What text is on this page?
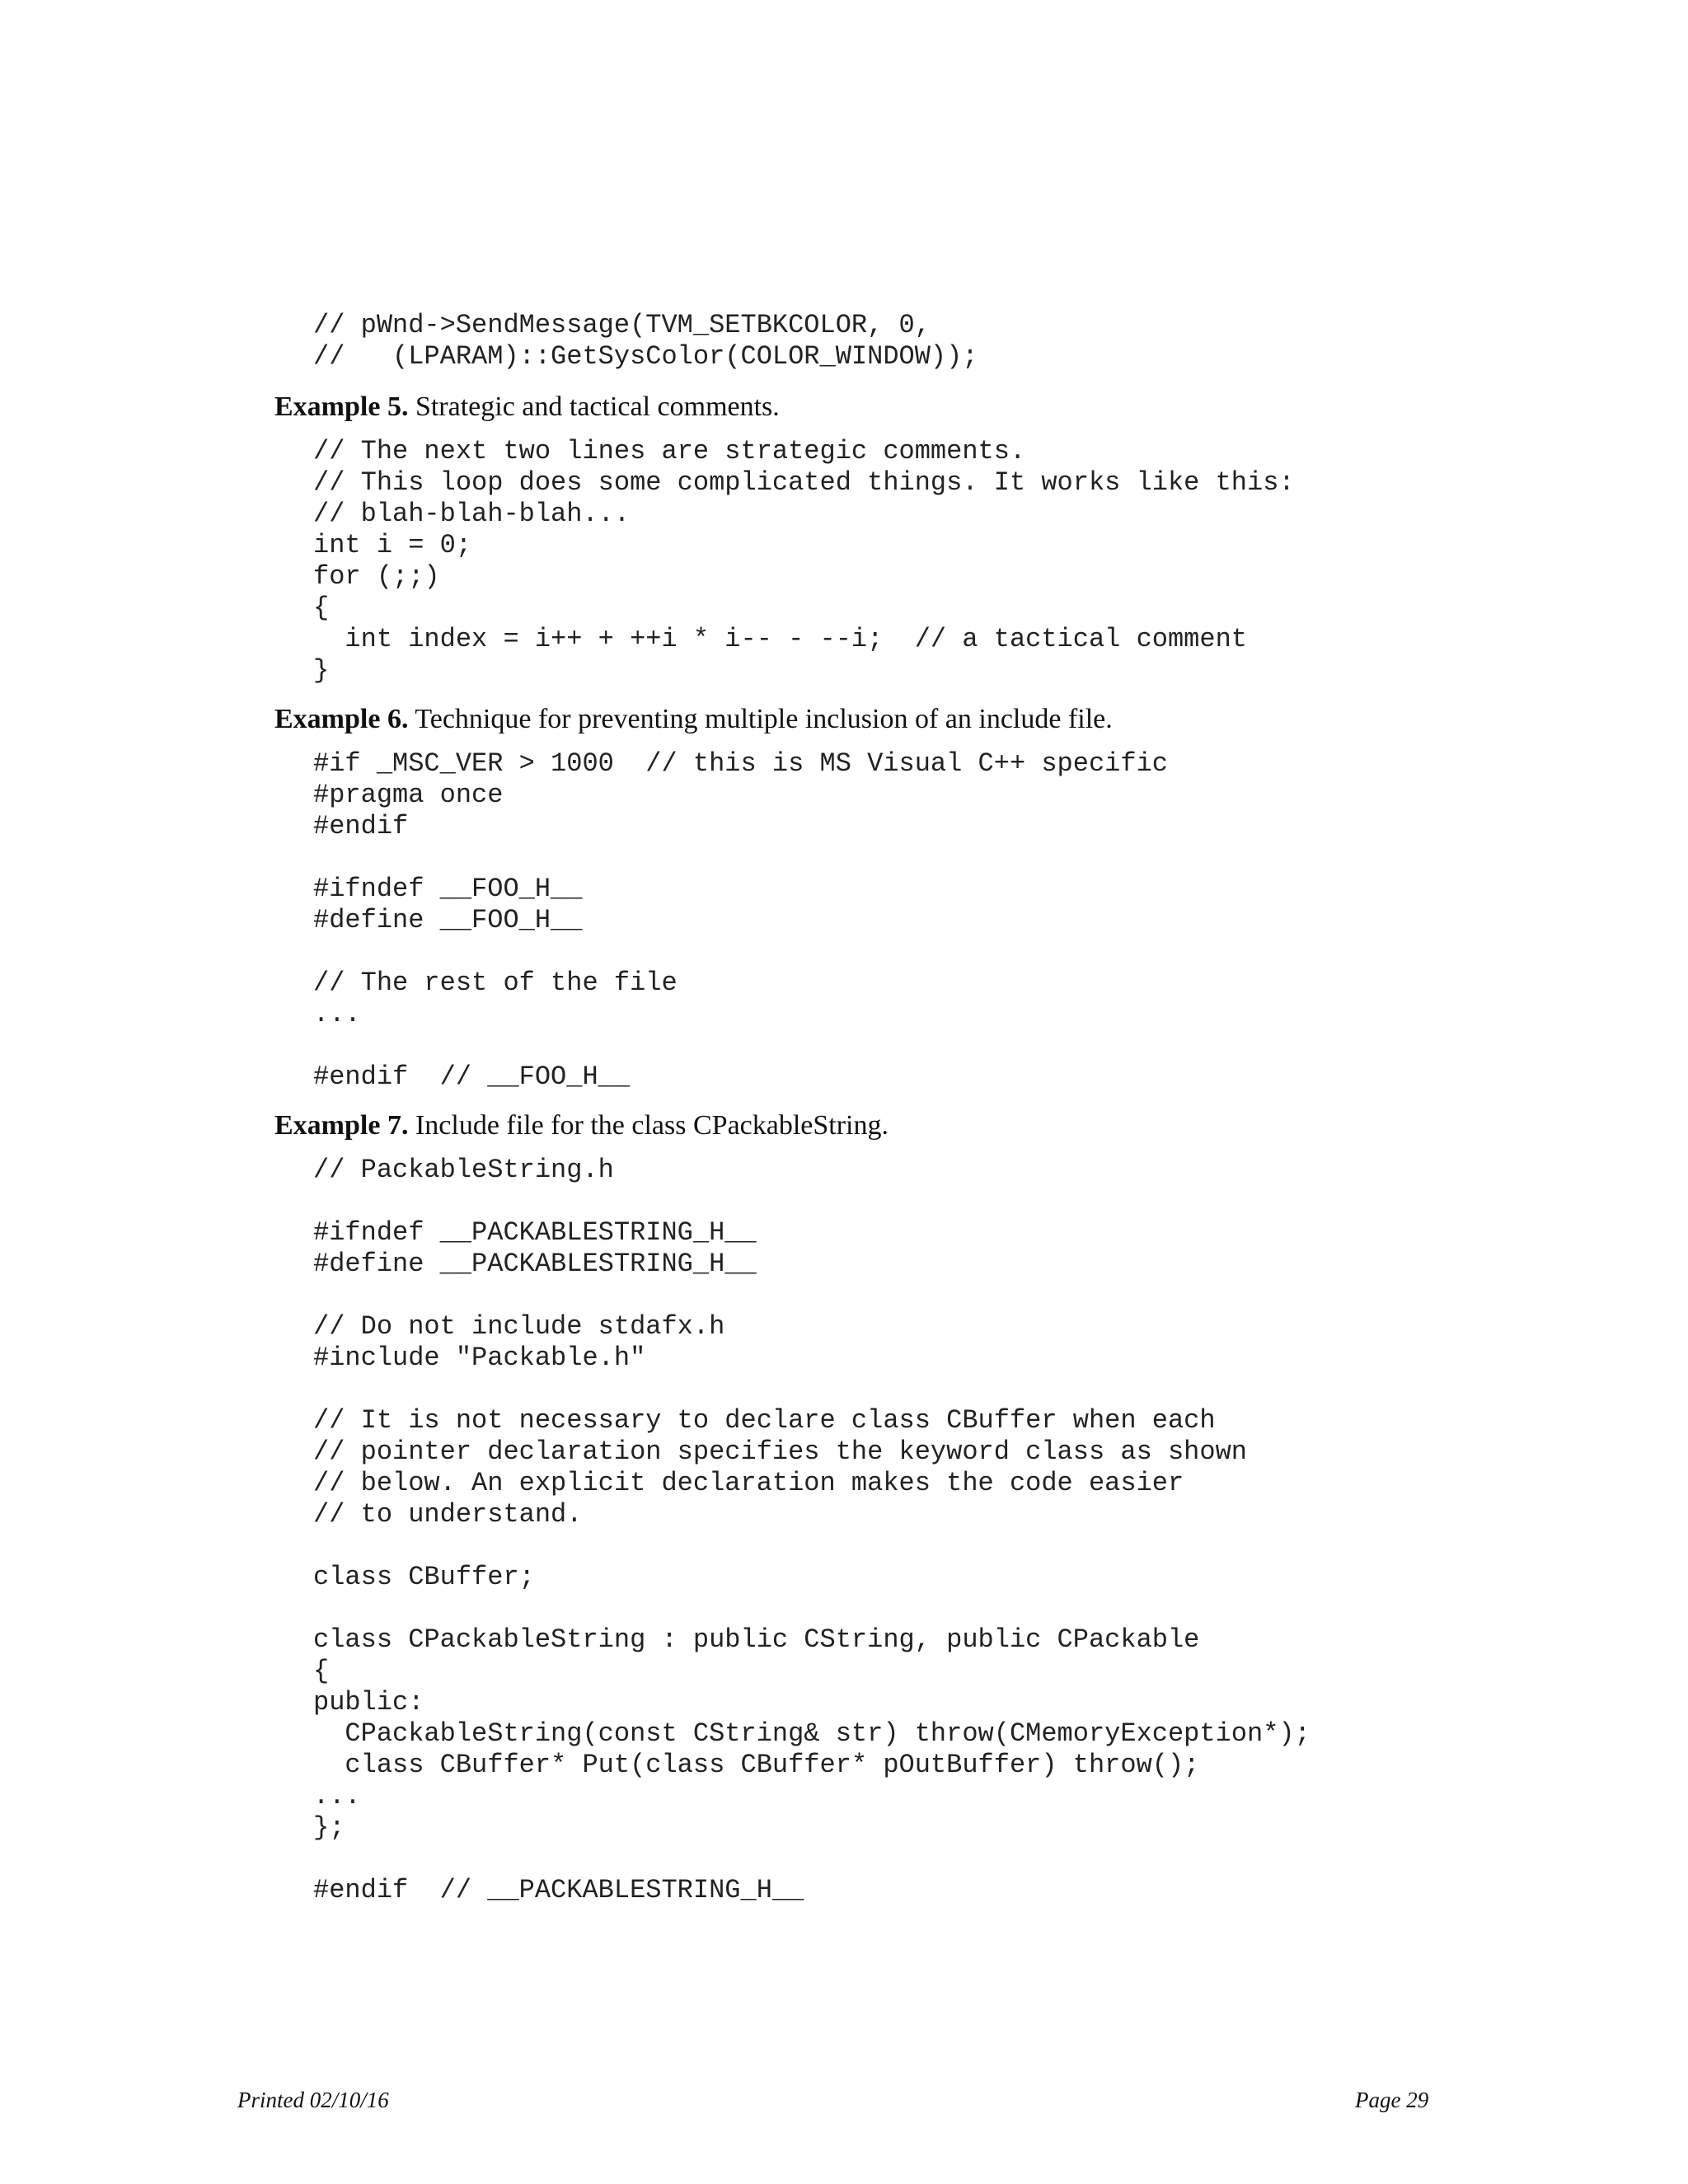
// pWnd->SendMessage(TVM_SETBKCOLOR, 0,
//   (LPARAM)::GetSysColor(COLOR_WINDOW));
Example 5. Strategic and tactical comments.
// The next two lines are strategic comments.
// This loop does some complicated things. It works like this:
// blah-blah-blah...
int i = 0;
for (;;)
{
int index = i++ + ++i * i-- - --i;  // a tactical comment
}
Example 6. Technique for preventing multiple inclusion of an include file.
#if _MSC_VER > 1000  // this is MS Visual C++ specific
#pragma once
#endif

#ifndef __FOO_H__
#define __FOO_H__

// The rest of the file
...

#endif  // __FOO_H__
Example 7. Include file for the class CPackableString.
// PackableString.h

#ifndef __PACKABLESTRING_H__
#define __PACKABLESTRING_H__

// Do not include stdafx.h
#include "Packable.h"

// It is not necessary to declare class CBuffer when each
// pointer declaration specifies the keyword class as shown
// below. An explicit declaration makes the code easier
// to understand.

class CBuffer;

class CPackableString : public CString, public CPackable
{
public:
CPackableString(const CString& str) throw(CMemoryException*);
class CBuffer* Put(class CBuffer* pOutBuffer) throw();
...
};

#endif  // __PACKABLESTRING_H__
Printed 02/10/16	Page 29
